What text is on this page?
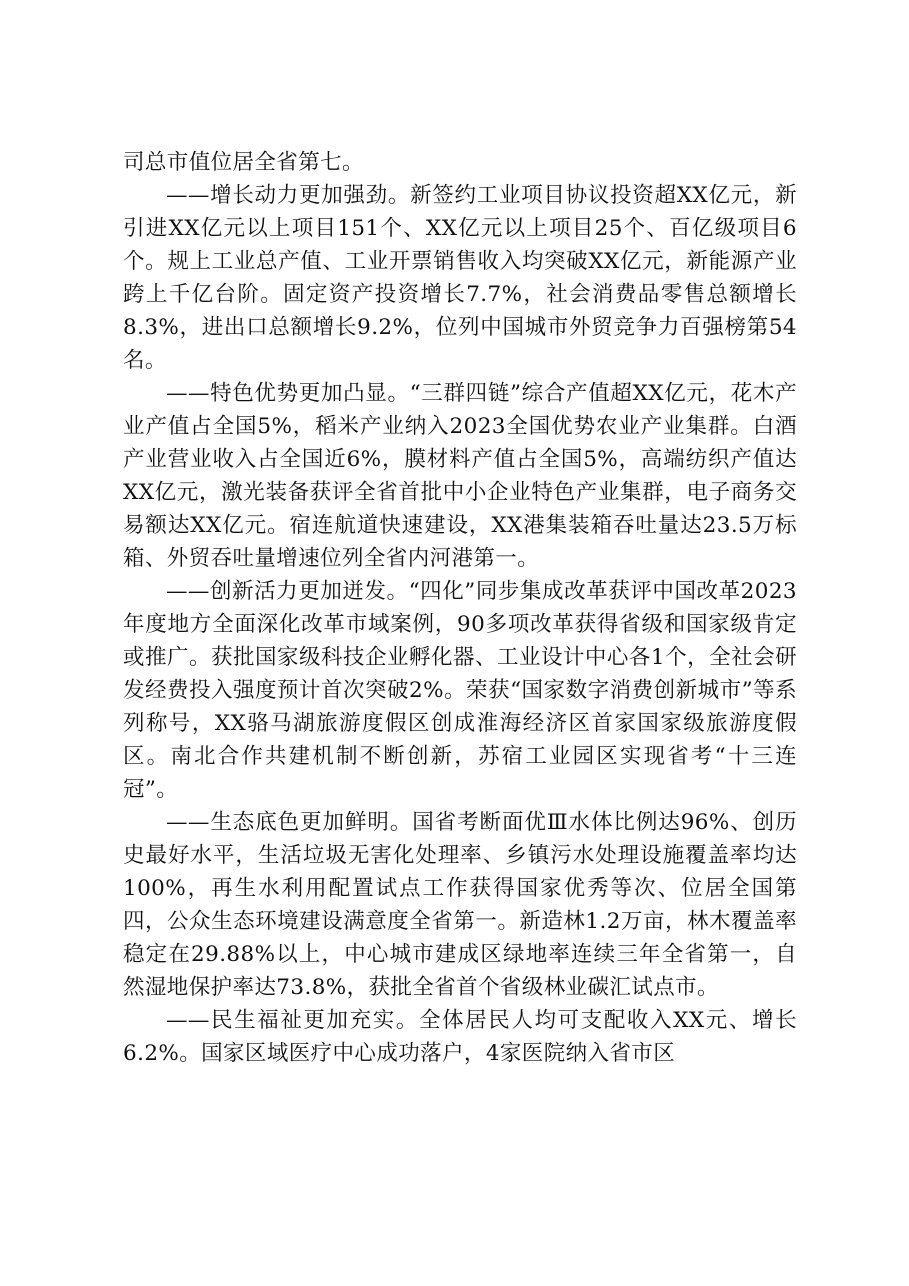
司总市值位居全省第七。

——增长动力更加强劲。新签约工业项目协议投资超XX亿元，新引进XX亿元以上项目151个、XX亿元以上项目25个、百亿级项目6个。规上工业总产值、工业开票销售收入均突破XX亿元，新能源产业跨上千亿台阶。固定资产投资增长7.7%，社会消费品零售总额增长8.3%，进出口总额增长9.2%，位列中国城市外贸竞争力百强榜第54名。

——特色优势更加凸显。“三群四链”综合产值超XX亿元，花木产业产值占全国5%，稻米产业纳入2023全国优势农业产业集群。白酒产业营业收入占全国近6%，膜材料产值占全国5%，高端纺织产值达XX亿元，激光装备获评全省首批中小企业特色产业集群，电子商务交易额达XX亿元。宿连航道快速建设，XX港集装箱吞吐量达23.5万标箱、外贸吞吐量增速位列全省内河港第一。

——创新活力更加迸发。“四化”同步集成改革获评中国改革2023年度地方全面深化改革市域案例，90多项改革获得省级和国家级肯定或推广。获批国家级科技企业孵化器、工业设计中心各1个，全社会研发经费投入强度预计首次突破2%。荣获“国家数字消费创新城市”等系列称号，XX骆马湖旅游度假区创成淮海经济区首家国家级旅游度假区。南北合作共建机制不断创新，苏宿工业园区实现省考“十三连冠”。

——生态底色更加鲜明。国省考断面优Ⅲ水体比例达96%、创历史最好水平，生活垃圾无害化处理率、乡镇污水处理设施覆盖率均达100%，再生水利用配置试点工作获得国家优秀等次、位居全国第四，公众生态环境建设满意度全省第一。新造林1.2万亩，林木覆盖率稳定在29.88%以上，中心城市建成区绿地率连续三年全省第一，自然湿地保护率达73.8%，获批全省首个省级林业碳汇试点市。

——民生福祉更加充实。全体居民人均可支配收入XX元、增长6.2%。国家区域医疗中心成功落户，4家医院纳入省市区
